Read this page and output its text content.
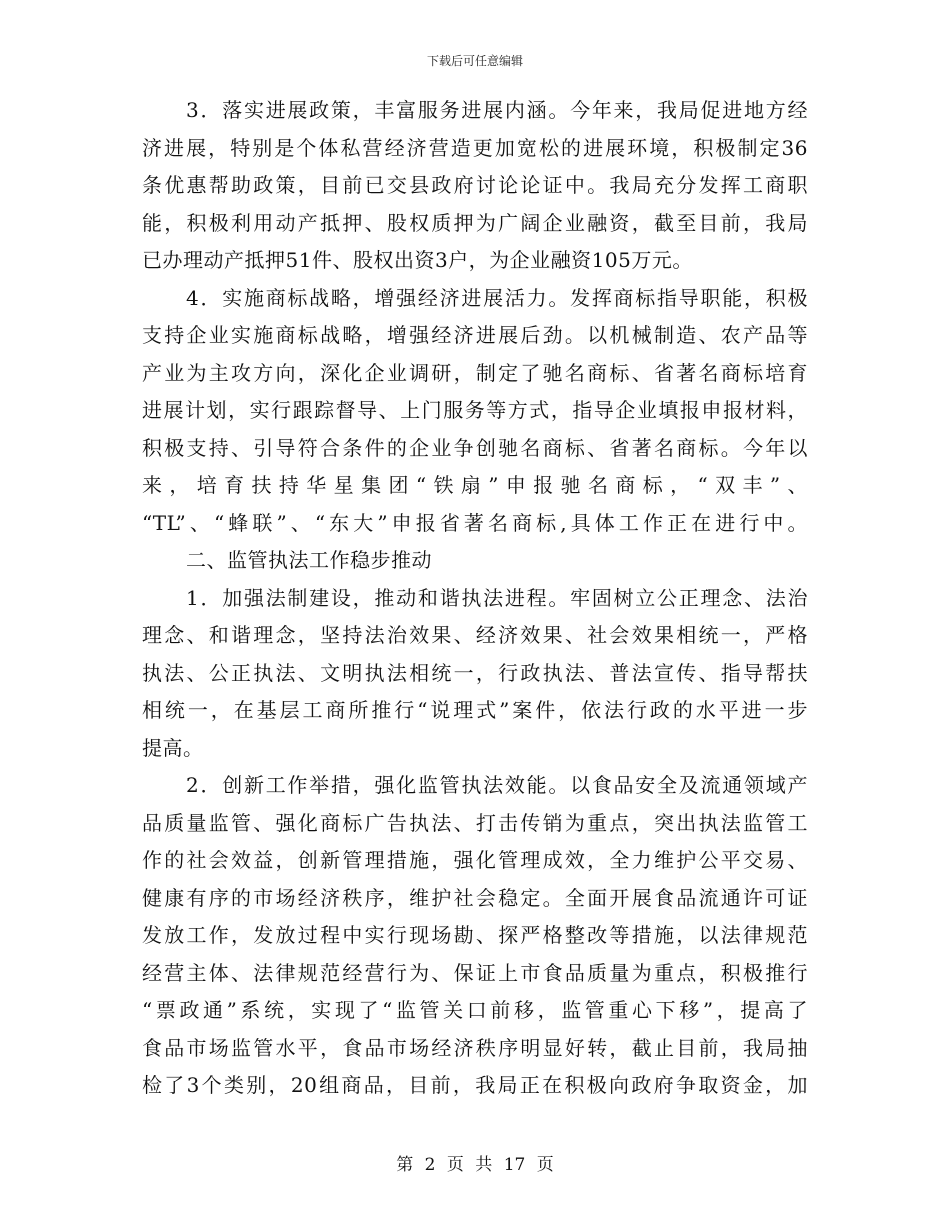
下载后可任意编辑
3．落实进展政策，丰富服务进展内涵。今年来，我局促进地方经
济进展，特别是个体私营经济营造更加宽松的进展环境，积极制定36
条优惠帮助政策，目前已交县政府讨论论证中。我局充分发挥工商职
能，积极利用动产抵押、股权质押为广阔企业融资，截至目前，我局
已办理动产抵押51件、股权出资3户，为企业融资105万元。
4．实施商标战略，增强经济进展活力。发挥商标指导职能，积极
支持企业实施商标战略，增强经济进展后劲。以机械制造、农产品等
产业为主攻方向，深化企业调研，制定了驰名商标、省著名商标培育
进展计划，实行跟踪督导、上门服务等方式，指导企业填报申报材料，
积极支持、引导符合条件的企业争创驰名商标、省著名商标。今年以
来，培育扶持华星集团“铁扇”申报驰名商标，“双丰”、
“TL”、“蜂联”、“东大”申报省著名商标,具体工作正在进行中。
二、监管执法工作稳步推动
1．加强法制建设，推动和谐执法进程。牢固树立公正理念、法治
理念、和谐理念，坚持法治效果、经济效果、社会效果相统一，严格
执法、公正执法、文明执法相统一，行政执法、普法宣传、指导帮扶
相统一，在基层工商所推行“说理式”案件，依法行政的水平进一步
提高。
2．创新工作举措，强化监管执法效能。以食品安全及流通领域产
品质量监管、强化商标广告执法、打击传销为重点，突出执法监管工
作的社会效益，创新管理措施，强化管理成效，全力维护公平交易、
健康有序的市场经济秩序，维护社会稳定。全面开展食品流通许可证
发放工作，发放过程中实行现场勘、探严格整改等措施，以法律规范
经营主体、法律规范经营行为、保证上市食品质量为重点，积极推行
“票政通”系统，实现了“监管关口前移，监管重心下移”，提高了
食品市场监管水平，食品市场经济秩序明显好转，截止目前，我局抽
检了3个类别，20组商品，目前，我局正在积极向政府争取资金，加
第 2 页 共 17 页
